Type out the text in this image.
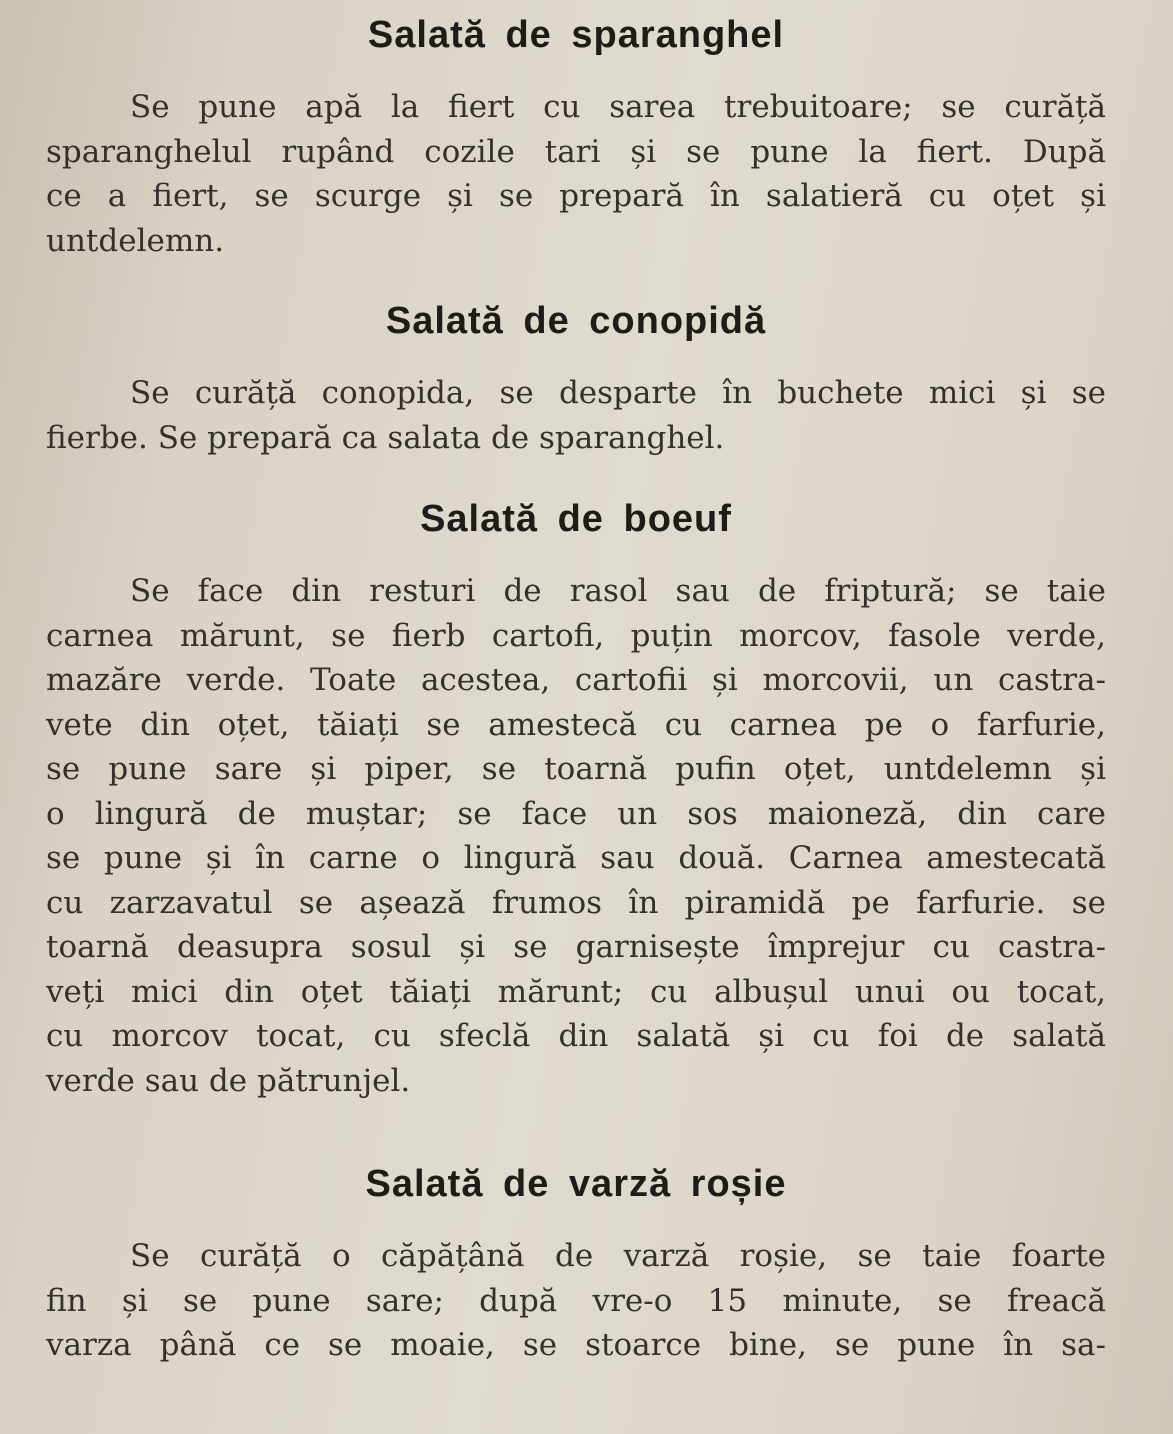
Salată de sparanghel
Se pune apă la fiert cu sarea trebuitoare; se curăță
sparanghelul rupând cozile tari și se pune la fiert. După
ce a fiert, se scurge și se prepară în salatieră cu oțet și
untdelemn.
Salată de conopidă
Se curăță conopida, se desparte în buchete mici și se
fierbe. Se prepară ca salata de sparanghel.
Salată de boeuf
Se face din resturi de rasol sau de friptură; se taie
carnea mărunt, se fierb cartofi, puțin morcov, fasole verde,
mazăre verde. Toate acestea, cartofii și morcovii, un castra-
vete din oțet, tăiați se amestecă cu carnea pe o farfurie,
se pune sare și piper, se toarnă pufin oțet, untdelemn și
o lingură de muștar; se face un sos maioneză, din care
se pune și în carne o lingură sau două. Carnea amestecată
cu zarzavatul se așează frumos în piramidă pe farfurie. se
toarnă deasupra sosul și se garnisește împrejur cu castra-
veți mici din oțet tăiați mărunt; cu albușul unui ou tocat,
cu morcov tocat, cu sfeclă din salată și cu foi de salată
verde sau de pătrunjel.
Salată de varză roșie
Se curăță o căpățână de varză roșie, se taie foarte
fin și se pune sare; după vre-o 15 minute, se freacă
varza până ce se moaie, se stoarce bine, se pune în sa-
